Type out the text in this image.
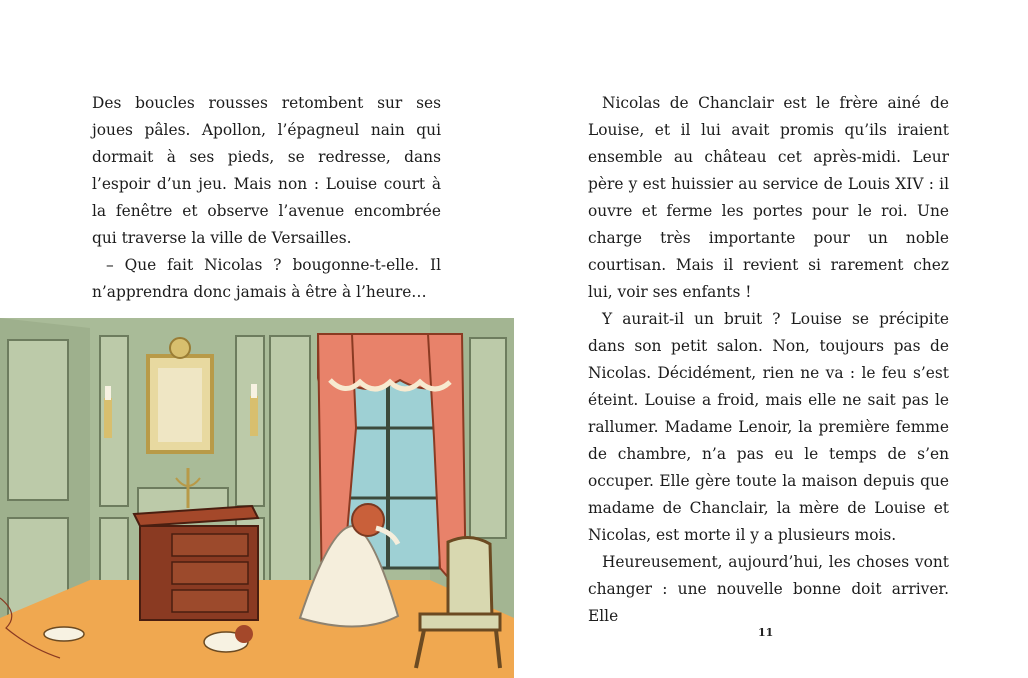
Des boucles rousses retombent sur ses joues pâles. Apollon, l’épagneul nain qui dormait à ses pieds, se redresse, dans l’espoir d’un jeu. Mais non : Louise court à la fenêtre et observe l’avenue encombrée qui traverse la ville de Versailles.

– Que fait Nicolas ? bougonne-t-elle. Il n’apprendra donc jamais à être à l’heure…

Nicolas de Chanclair est le frère ainé de Louise, et il lui avait promis qu’ils iraient ensemble au château cet après-midi. Leur père y est huissier au service de Louis XIV : il ouvre et ferme les portes pour le roi. Une charge très importante pour un noble courtisan. Mais il revient si rarement chez lui, voir ses enfants !

Y aurait-il un bruit ? Louise se précipite dans son petit salon. Non, toujours pas de Nicolas. Décidément, rien ne va : le feu s’est éteint. Louise a froid, mais elle ne sait pas le rallumer. Madame Lenoir, la première femme de chambre, n’a pas eu le temps de s’en occuper. Elle gère toute la maison depuis que madame de Chanclair, la mère de Louise et Nicolas, est morte il y a plusieurs mois.

Heureusement, aujourd’hui, les choses vont changer : une nouvelle bonne doit arriver. Elle

11
